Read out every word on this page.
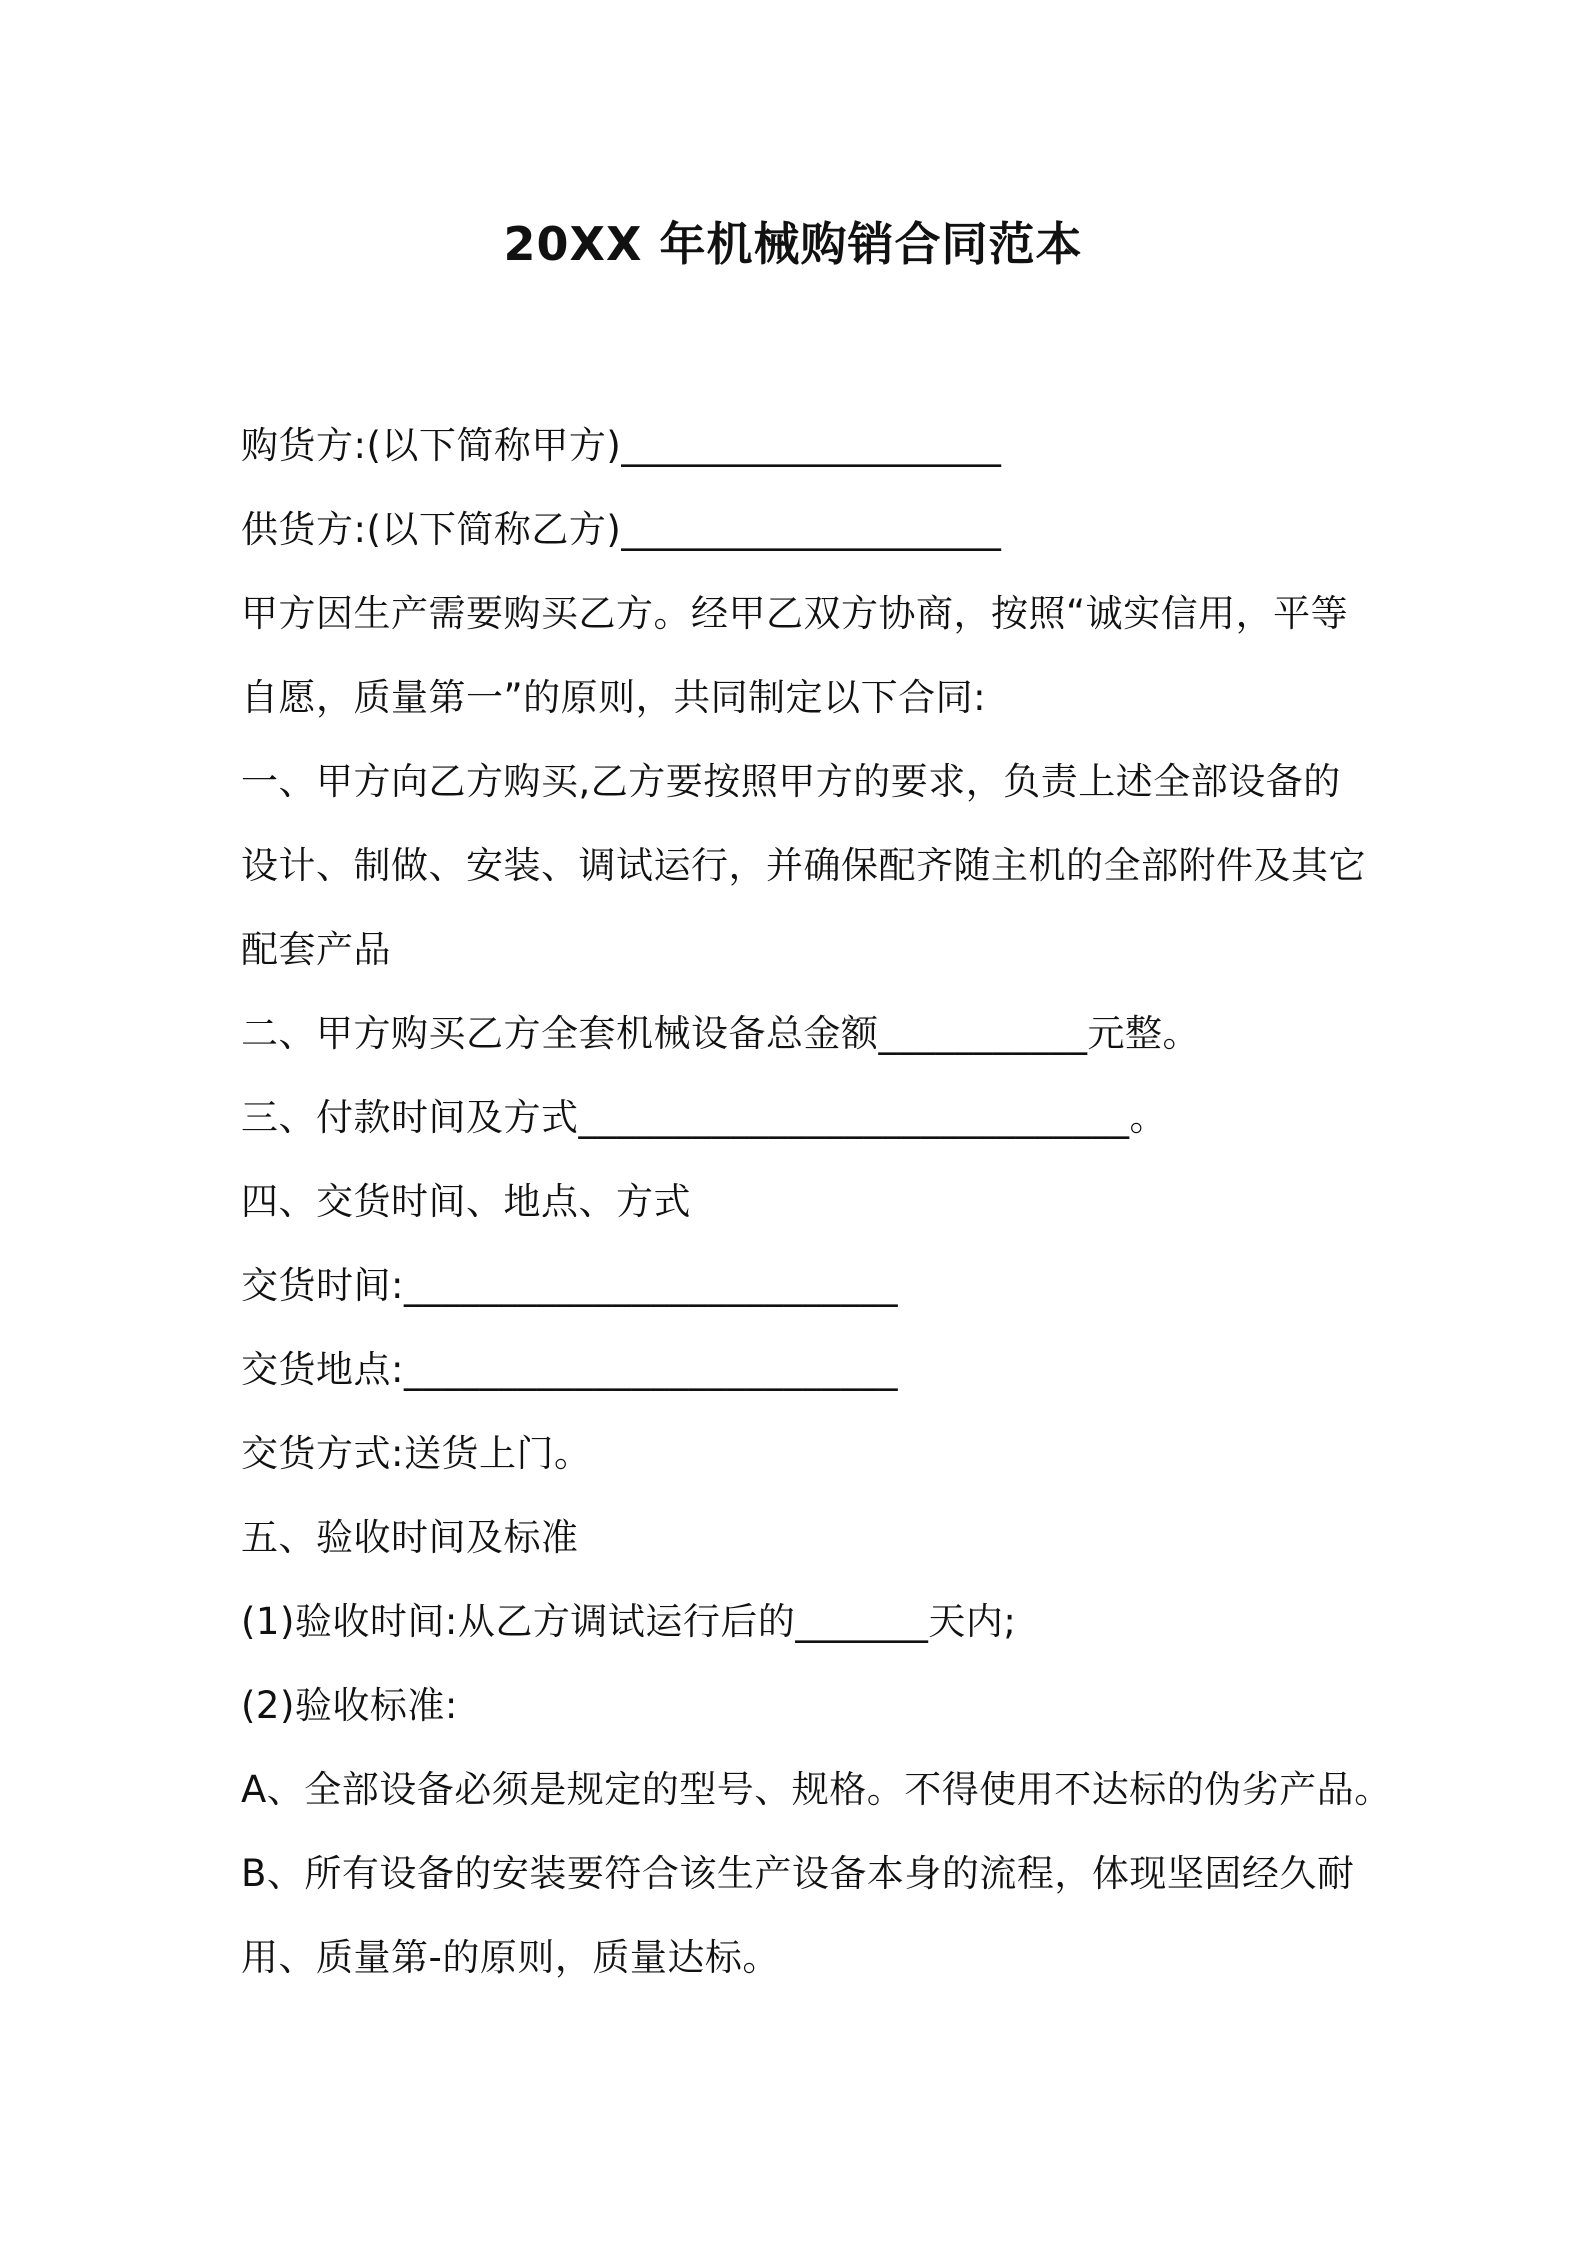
20XX 年机械购销合同范本
购货方:(以下简称甲方)____________________
供货方:(以下简称乙方)____________________
甲方因生产需要购买乙方。经甲乙双方协商，按照“诚实信用，平等
自愿，质量第一”的原则，共同制定以下合同:
一、甲方向乙方购买,乙方要按照甲方的要求，负责上述全部设备的
设计、制做、安装、调试运行，并确保配齐随主机的全部附件及其它
配套产品
二、甲方购买乙方全套机械设备总金额___________元整。
三、付款时间及方式_____________________________。
四、交货时间、地点、方式
交货时间:__________________________
交货地点:__________________________
交货方式:送货上门。
五、验收时间及标准
(1)验收时间:从乙方调试运行后的_______天内;
(2)验收标准:
A、全部设备必须是规定的型号、规格。不得使用不达标的伪劣产品。
B、所有设备的安装要符合该生产设备本身的流程，体现坚固经久耐
用、质量第-的原则，质量达标。
